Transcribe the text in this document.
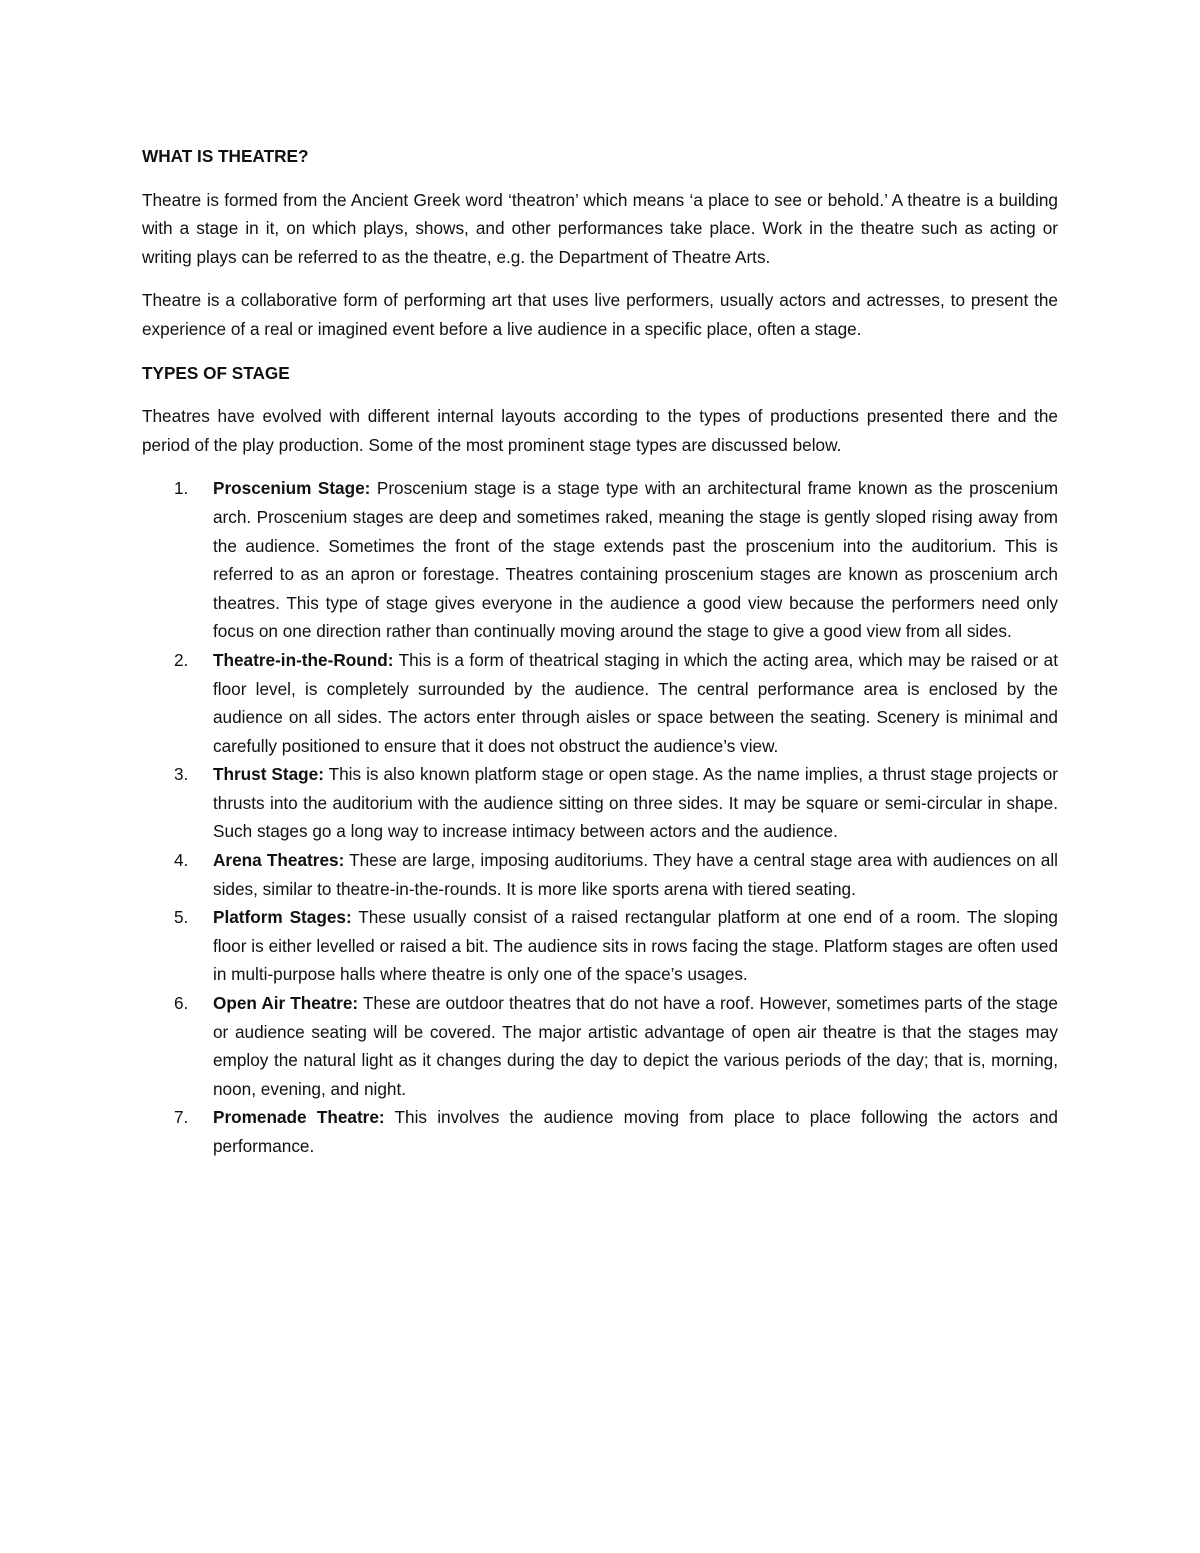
WHAT IS THEATRE?

Theatre is formed from the Ancient Greek word ‘theatron’ which means ‘a place to see or behold.’ A theatre is a building with a stage in it, on which plays, shows, and other performances take place. Work in the theatre such as acting or writing plays can be referred to as the theatre, e.g. the Department of Theatre Arts.

Theatre is a collaborative form of performing art that uses live performers, usually actors and actresses, to present the experience of a real or imagined event before a live audience in a specific place, often a stage.

TYPES OF STAGE

Theatres have evolved with different internal layouts according to the types of productions presented there and the period of the play production. Some of the most prominent stage types are discussed below.

1. Proscenium Stage: Proscenium stage is a stage type with an architectural frame known as the proscenium arch. Proscenium stages are deep and sometimes raked, meaning the stage is gently sloped rising away from the audience. Sometimes the front of the stage extends past the proscenium into the auditorium. This is referred to as an apron or forestage. Theatres containing proscenium stages are known as proscenium arch theatres. This type of stage gives everyone in the audience a good view because the performers need only focus on one direction rather than continually moving around the stage to give a good view from all sides.
2. Theatre-in-the-Round: This is a form of theatrical staging in which the acting area, which may be raised or at floor level, is completely surrounded by the audience. The central performance area is enclosed by the audience on all sides. The actors enter through aisles or space between the seating. Scenery is minimal and carefully positioned to ensure that it does not obstruct the audience’s view.
3. Thrust Stage: This is also known platform stage or open stage. As the name implies, a thrust stage projects or thrusts into the auditorium with the audience sitting on three sides. It may be square or semi-circular in shape. Such stages go a long way to increase intimacy between actors and the audience.
4. Arena Theatres: These are large, imposing auditoriums. They have a central stage area with audiences on all sides, similar to theatre-in-the-rounds. It is more like sports arena with tiered seating.
5. Platform Stages: These usually consist of a raised rectangular platform at one end of a room. The sloping floor is either levelled or raised a bit. The audience sits in rows facing the stage. Platform stages are often used in multi-purpose halls where theatre is only one of the space’s usages.
6. Open Air Theatre: These are outdoor theatres that do not have a roof. However, sometimes parts of the stage or audience seating will be covered. The major artistic advantage of open air theatre is that the stages may employ the natural light as it changes during the day to depict the various periods of the day; that is, morning, noon, evening, and night.
7. Promenade Theatre: This involves the audience moving from place to place following the actors and performance.
